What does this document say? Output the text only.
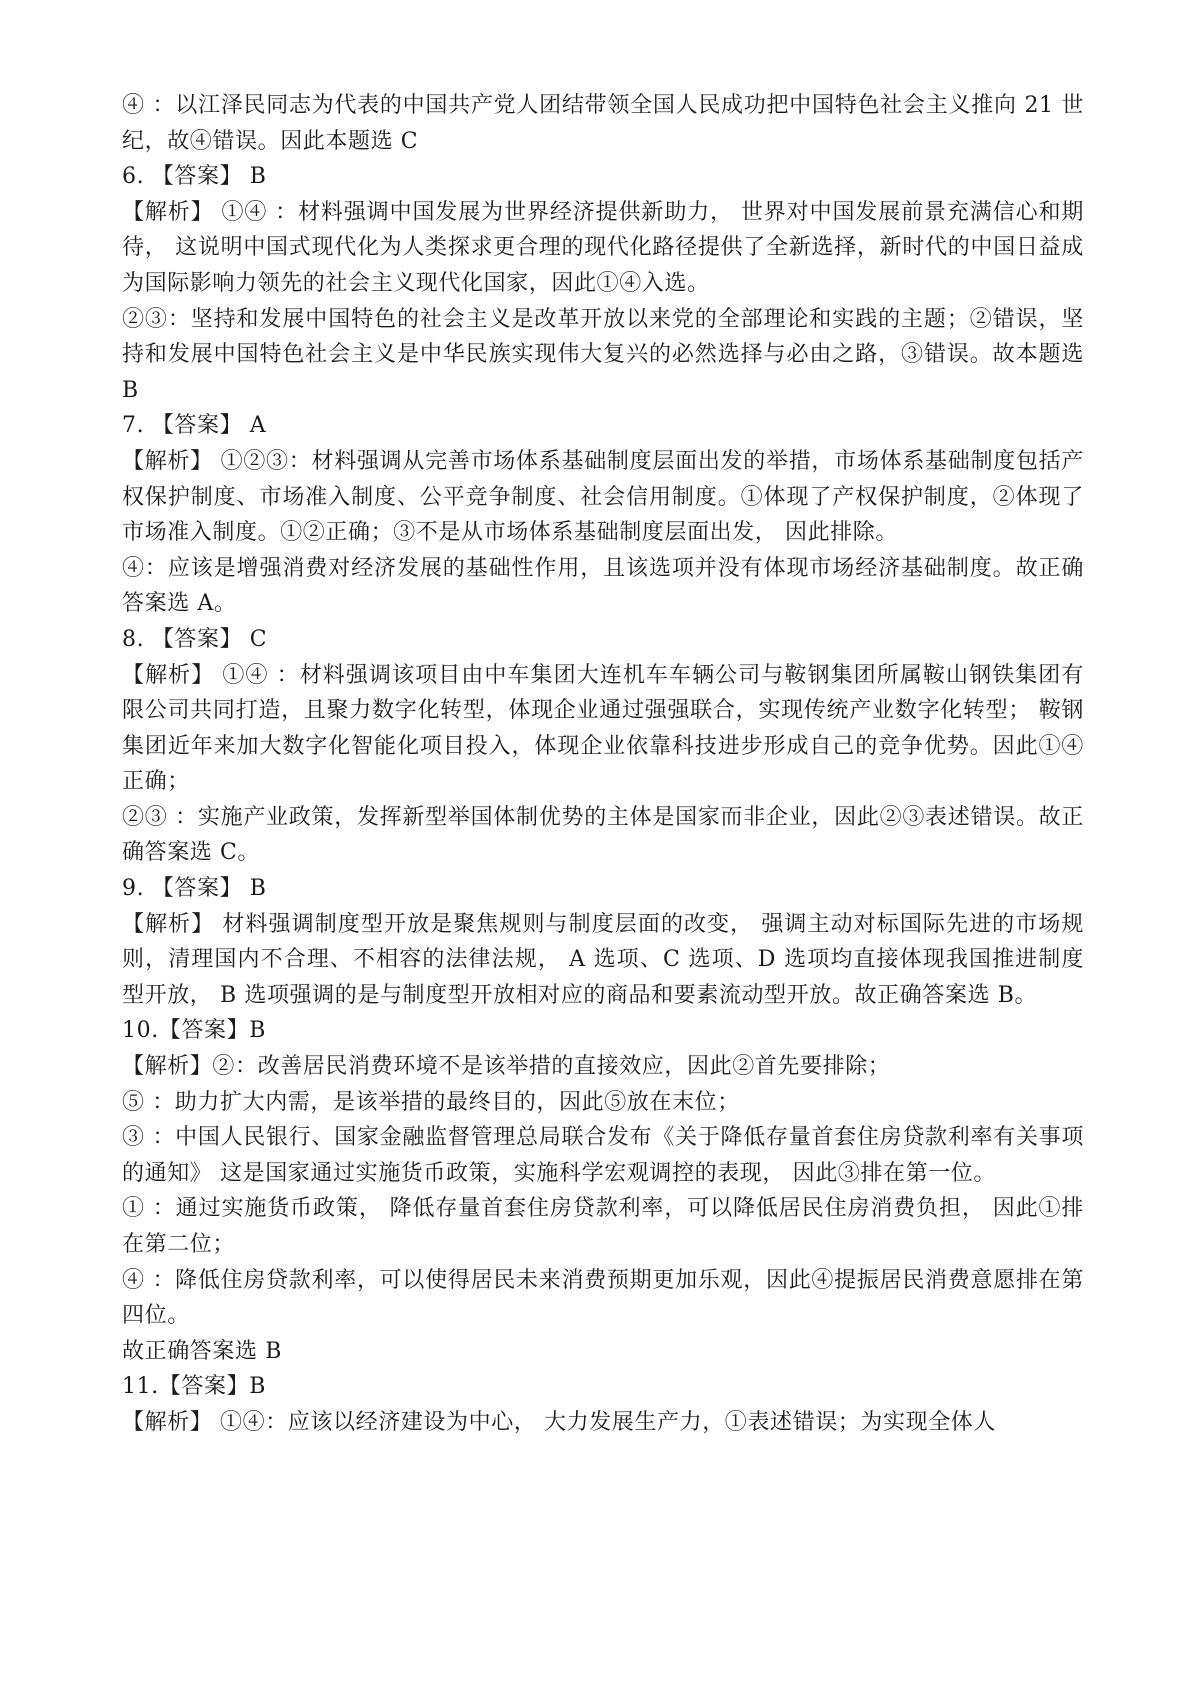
④ ：以江泽民同志为代表的中国共产党人团结带领全国人民成功把中国特色社会主义推向 21 世纪，故④错误。因此本题选 C

6. 【答案】 B

【解析】 ①④ ：材料强调中国发展为世界经济提供新助力， 世界对中国发展前景充满信心和期待， 这说明中国式现代化为人类探求更合理的现代化路径提供了全新选择，新时代的中国日益成为国际影响力领先的社会主义现代化国家，因此①④入选。

②③：坚持和发展中国特色的社会主义是改革开放以来党的全部理论和实践的主题；②错误，坚持和发展中国特色社会主义是中华民族实现伟大复兴的必然选择与必由之路，③错误。故本题选 B

7. 【答案】 A

【解析】 ①②③：材料强调从完善市场体系基础制度层面出发的举措，市场体系基础制度包括产权保护制度、市场准入制度、公平竞争制度、社会信用制度。①体现了产权保护制度，②体现了市场准入制度。①②正确；③不是从市场体系基础制度层面出发， 因此排除。

④：应该是增强消费对经济发展的基础性作用，且该选项并没有体现市场经济基础制度。故正确答案选 A。

8. 【答案】 C

【解析】 ①④ ：材料强调该项目由中车集团大连机车车辆公司与鞍钢集团所属鞍山钢铁集团有限公司共同打造，且聚力数字化转型，体现企业通过强强联合，实现传统产业数字化转型； 鞍钢集团近年来加大数字化智能化项目投入，体现企业依靠科技进步形成自己的竞争优势。因此①④正确；

②③ ：实施产业政策，发挥新型举国体制优势的主体是国家而非企业，因此②③表述错误。故正确答案选 C。

9. 【答案】 B

【解析】 材料强调制度型开放是聚焦规则与制度层面的改变， 强调主动对标国际先进的市场规则，清理国内不合理、不相容的法律法规， A 选项、C 选项、D 选项均直接体现我国推进制度型开放， B 选项强调的是与制度型开放相对应的商品和要素流动型开放。故正确答案选 B。

10.【答案】B

【解析】②：改善居民消费环境不是该举措的直接效应，因此②首先要排除；

⑤ ：助力扩大内需，是该举措的最终目的，因此⑤放在末位；

③ ：中国人民银行、国家金融监督管理总局联合发布《关于降低存量首套住房贷款利率有关事项的通知》 这是国家通过实施货币政策，实施科学宏观调控的表现， 因此③排在第一位。

① ：通过实施货币政策， 降低存量首套住房贷款利率，可以降低居民住房消费负担， 因此①排在第二位；

④ ：降低住房贷款利率，可以使得居民未来消费预期更加乐观，因此④提振居民消费意愿排在第四位。

故正确答案选 B

11.【答案】B

【解析】 ①④：应该以经济建设为中心， 大力发展生产力，①表述错误；为实现全体人
